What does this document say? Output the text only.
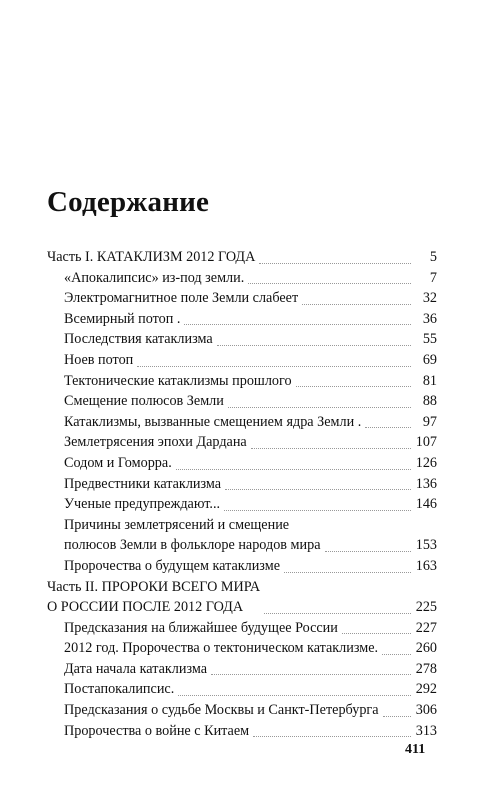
Содержание
Часть I. КАТАКЛИЗМ 2012 ГОДА	5
«Апокалипсис» из-под земли.	7
Электромагнитное поле Земли слабеет	32
Всемирный потоп .	36
Последствия катаклизма	55
Ноев потоп	69
Тектонические катаклизмы прошлого	81
Смещение полюсов Земли	88
Катаклизмы, вызванные смещением ядра Земли .	97
Землетрясения эпохи Дардана	107
Содом и Гоморра.	126
Предвестники катаклизма	136
Ученые предупреждают...	146
Причины землетрясений и смещение
полюсов Земли в фольклоре народов мира	153
Пророчества о будущем катаклизме	163
Часть II. ПРОРОКИ ВСЕГО МИРА
О РОССИИ ПОСЛЕ 2012 ГОДА	225
Предсказания на ближайшее будущее России	227
2012 год. Пророчества о тектоническом катаклизме.	260
Дата начала катаклизма	278
Постапокалипсис.	292
Предсказания о судьбе Москвы и Санкт-Петербурга	306
Пророчества о войне с Китаем	313
411
